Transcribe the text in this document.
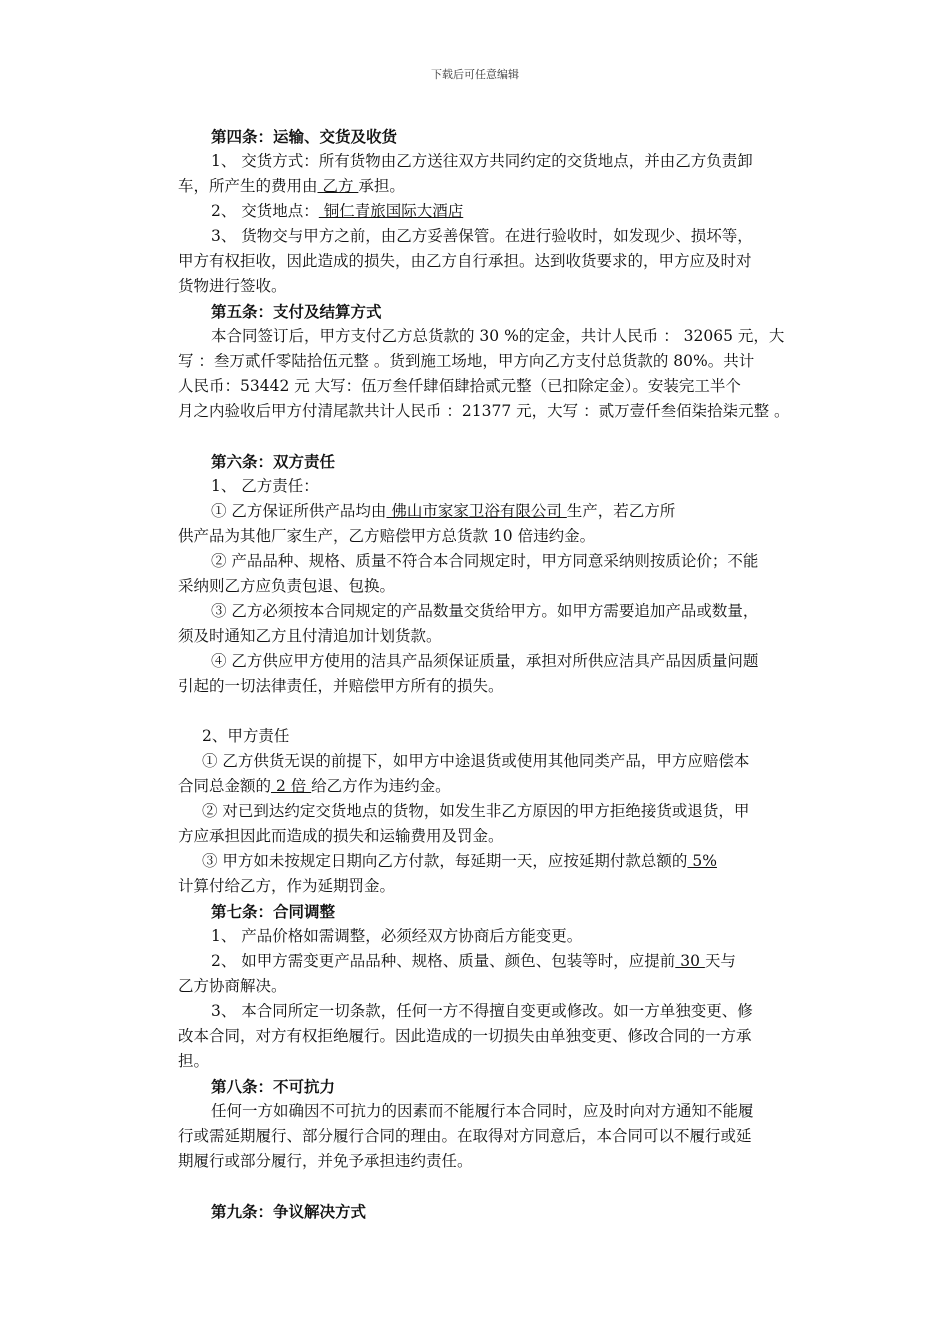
下载后可任意编辑

第四条：运输、交货及收货

1、 交货方式：所有货物由乙方送往双方共同约定的交货地点，并由乙方负责卸

车，所产生的费用由 乙方 承担。

2、 交货地点： 铜仁青旅国际大酒店

3、 货物交与甲方之前，由乙方妥善保管。在进行验收时，如发现少、损坏等，

甲方有权拒收，因此造成的损失，由乙方自行承担。达到收货要求的，甲方应及时对

货物进行签收。

第五条：支付及结算方式

本合同签订后，甲方支付乙方总货款的 30 %的定金，共计人民币 ： 32065 元，大

写 ：叁万贰仟零陆拾伍元整 。货到施工场地，甲方向乙方支付总货款的 80%。共计

人民币：53442 元 大写：伍万叁仟肆佰肆拾贰元整（已扣除定金）。安装完工半个

月之内验收后甲方付清尾款共计人民币 ：21377 元，大写 ：贰万壹仟叁佰柒拾柒元整 。

第六条：双方责任

1、 乙方责任：

① 乙方保证所供产品均由 佛山市家家卫浴有限公司 生产，若乙方所

供产品为其他厂家生产，乙方赔偿甲方总货款 10 倍违约金。

② 产品品种、规格、质量不符合本合同规定时，甲方同意采纳则按质论价；不能

采纳则乙方应负责包退、包换。

③ 乙方必须按本合同规定的产品数量交货给甲方。如甲方需要追加产品或数量，

须及时通知乙方且付清追加计划货款。

④ 乙方供应甲方使用的洁具产品须保证质量，承担对所供应洁具产品因质量问题

引起的一切法律责任，并赔偿甲方所有的损失。

2、甲方责任

① 乙方供货无误的前提下，如甲方中途退货或使用其他同类产品，甲方应赔偿本

合同总金额的 2 倍 给乙方作为违约金。

② 对已到达约定交货地点的货物，如发生非乙方原因的甲方拒绝接货或退货，甲

方应承担因此而造成的损失和运输费用及罚金。

③ 甲方如未按规定日期向乙方付款，每延期一天，应按延期付款总额的 5%

计算付给乙方，作为延期罚金。

第七条：合同调整

1、 产品价格如需调整，必须经双方协商后方能变更。

2、 如甲方需变更产品品种、规格、质量、颜色、包装等时，应提前 30 天与

乙方协商解决。

3、 本合同所定一切条款，任何一方不得擅自变更或修改。如一方单独变更、修

改本合同，对方有权拒绝履行。因此造成的一切损失由单独变更、修改合同的一方承

担。

第八条：不可抗力

任何一方如确因不可抗力的因素而不能履行本合同时，应及时向对方通知不能履

行或需延期履行、部分履行合同的理由。在取得对方同意后，本合同可以不履行或延

期履行或部分履行，并免予承担违约责任。

第九条：争议解决方式
